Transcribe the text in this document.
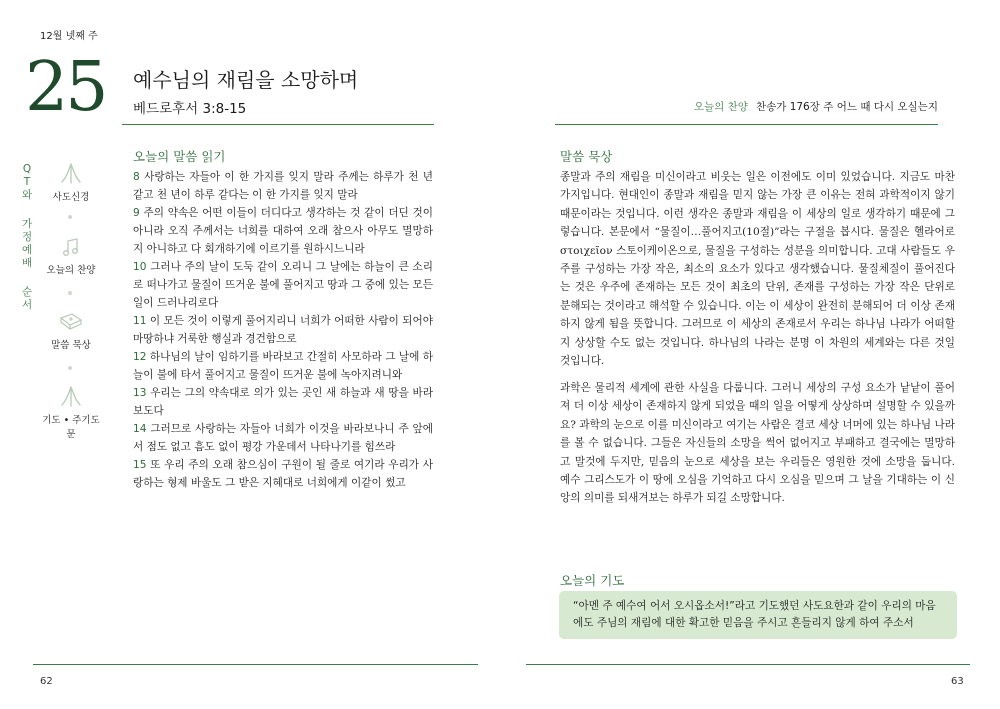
12월 넷째 주
25 예수님의 재림을 소망하며
베드로후서 3:8-15	오늘의 찬양 찬송가 176장 주 어느 때 다시 오실는지
Q
T
와
가
정
예
배
순
서
사도신경
오늘의 찬양
말씀 묵상
기도 • 주기도문
오늘의 말씀 읽기
8 사랑하는 자들아 이 한 가지를 잊지 말라 주께는 하루가 천 년 같고 천 년이 하루 같다는 이 한 가지를 잊지 말라
9 주의 약속은 어떤 이들이 더디다고 생각하는 것 같이 더딘 것이 아니라 오직 주께서는 너희를 대하여 오래 참으사 아무도 멸망하지 아니하고 다 회개하기에 이르기를 원하시느니라
10 그러나 주의 날이 도둑 같이 오리니 그 날에는 하늘이 큰 소리로 떠나가고 물질이 뜨거운 불에 풀어지고 땅과 그 중에 있는 모든 일이 드러나리로다
11 이 모든 것이 이렇게 풀어지리니 너희가 어떠한 사람이 되어야 마땅하냐 거룩한 행실과 경건함으로
12 하나님의 날이 임하기를 바라보고 간절히 사모하라 그 날에 하늘이 불에 타서 풀어지고 물질이 뜨거운 불에 녹아지려니와
13 우리는 그의 약속대로 의가 있는 곳인 새 하늘과 새 땅을 바라보도다
14 그러므로 사랑하는 자들아 너희가 이것을 바라보나니 주 앞에서 점도 없고 흠도 없이 평강 가운데서 나타나기를 힘쓰라
15 또 우리 주의 오래 참으심이 구원이 될 줄로 여기라 우리가 사랑하는 형제 바울도 그 받은 지혜대로 너희에게 이같이 썼고
말씀 묵상
종말과 주의 재림을 미신이라고 비웃는 일은 이전에도 이미 있었습니다. 지금도 마찬가지입니다. 현대인이 종말과 재림을 믿지 않는 가장 큰 이유는 전혀 과학적이지 않기 때문이라는 것입니다. 이런 생각은 종말과 재림을 이 세상의 일로 생각하기 때문에 그렇습니다. 본문에서 “물질이…풀어지고(10절)”라는 구절을 봅시다. 물질은 헬라어로 στοιχεῖον 스토이케이온으로, 물질을 구성하는 성분을 의미합니다. 고대 사람들도 우주를 구성하는 가장 작은, 최소의 요소가 있다고 생각했습니다. 물질체질이 풀어진다는 것은 우주에 존재하는 모든 것이 최초의 단위, 존재를 구성하는 가장 작은 단위로 분해되는 것이라고 해석할 수 있습니다. 이는 이 세상이 완전히 분해되어 더 이상 존재하지 않게 됨을 뜻합니다. 그러므로 이 세상의 존재로서 우리는 하나님 나라가 어떠할지 상상할 수도 없는 것입니다. 하나님의 나라는 분명 이 차원의 세계와는 다른 것일 것입니다.
과학은 물리적 세계에 관한 사실을 다룹니다. 그러니 세상의 구성 요소가 낱낱이 풀어져 더 이상 세상이 존재하지 않게 되었을 때의 일을 어떻게 상상하며 설명할 수 있을까요? 과학의 눈으로 이를 미신이라고 여기는 사람은 결코 세상 너머에 있는 하나님 나라를 볼 수 없습니다. 그들은 자신들의 소망을 썩어 없어지고 부패하고 결국에는 멸망하고 말것에 두지만, 믿음의 눈으로 세상을 보는 우리들은 영원한 것에 소망을 둡니다. 예수 그리스도가 이 땅에 오심을 기억하고 다시 오심을 믿으며 그 날을 기대하는 이 신앙의 의미를 되새겨보는 하루가 되길 소망합니다.
오늘의 기도
“아멘 주 예수여 어서 오시옵소서!”라고 기도했던 사도요한과 같이 우리의 마음에도 주님의 재림에 대한 확고한 믿음을 주시고 흔들리지 않게 하여 주소서
62	63
